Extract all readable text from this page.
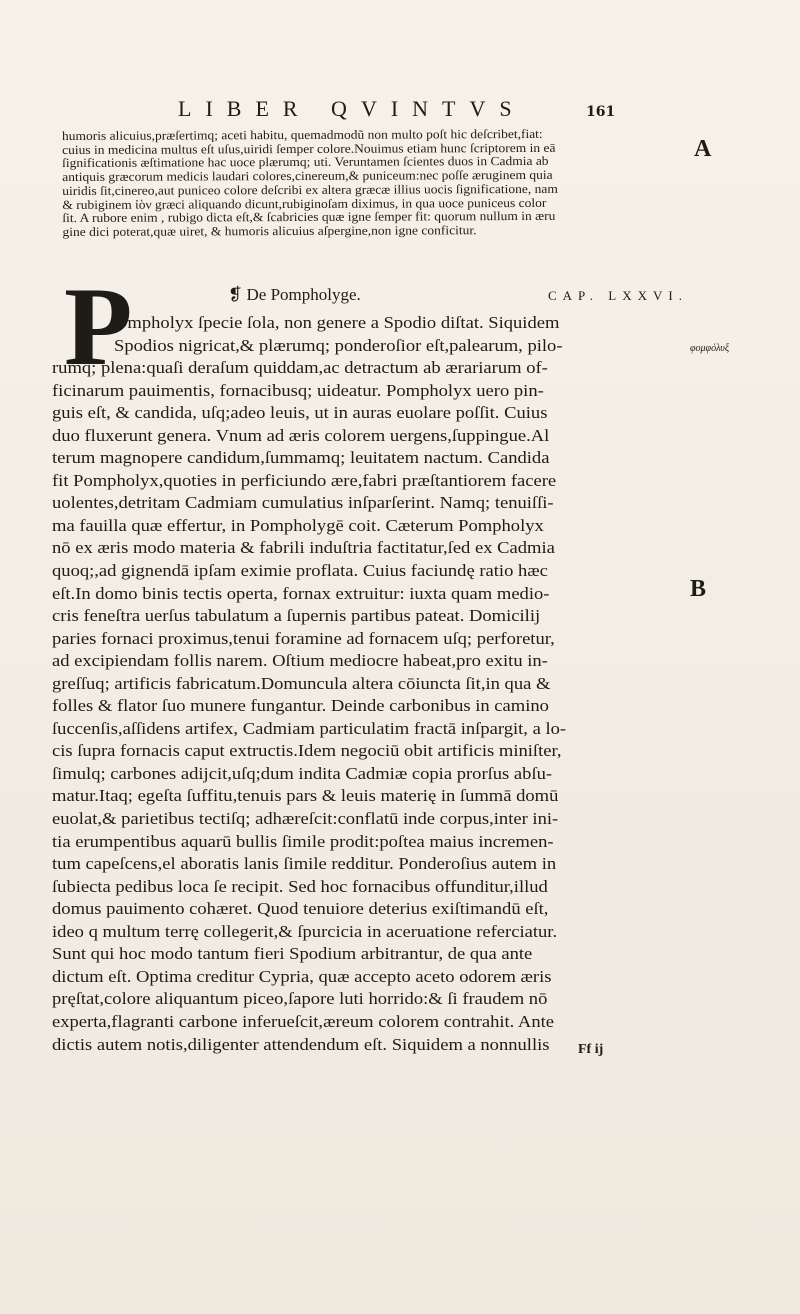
LIBER QVINTVS	161
humoris alicuius,præſertimq; aceti habitu, quemadmodũ non multo poſt hic deſcribet,fiat:
cuius in medicina multus eſt uſus,uiridi ſemper colore.Nouimus etiam hunc ſcriptorem in eā
ſignificationis æſtimatione hac uoce plærumq; uti. Veruntamen ſcientes duos in Cadmia ab
antiquis græcorum medicis laudari colores,cinereum,& puniceum:nec poſſe æruginem quia
uiridis ſit,cinereo,aut puniceo colore deſcribi ex altera græcæ illius uocis ſignificatione, nam
& rubiginem ἰὸν græci aliquando dicunt,rubiginoſam diximus, in qua uoce puniceus color
ſit. A rubore enim , rubigo dicta eſt,& ſcabricies quæ igne ſemper fit: quorum nullum in æru
gine dici poterat,quæ uiret, & humoris alicuius aſpergine,non igne conficitur.
A
φομφόλυξ
B
P	❡ De Pompholyge.	CAP. LXXVI.
Ompholyx ſpecie ſola, non genere a Spodio diſtat. Siquidem
Spodios nigricat,& plærumq; ponderoſior eſt,palearum, pilo-
rumq; plena:quaſi deraſum quiddam,ac detractum ab ærariarum of-
ficinarum pauimentis, fornacibusq; uideatur. Pompholyx uero pin-
guis eſt, & candida, uſq;adeo leuis, ut in auras euolare poſſit. Cuius
duo fluxerunt genera. Vnum ad æris colorem uergens,ſuppingue.Al
terum magnopere candidum,ſummamq; leuitatem nactum. Candida
fit Pompholyx,quoties in perficiundo ære,fabri præſtantiorem facere
uolentes,detritam Cadmiam cumulatius inſparſerint. Namq; tenuiſſi-
ma fauilla quæ effertur, in Pompholygē coit. Cæterum Pompholyx
nō ex æris modo materia & fabrili induſtria factitatur,ſed ex Cadmia
quoq;,ad gignendā ipſam eximie proflata. Cuius faciundę ratio hæc
eſt.In domo binis tectis operta, fornax extruitur: iuxta quam medio-
cris feneſtra uerſus tabulatum a ſupernis partibus pateat. Domicilij
paries fornaci proximus,tenui foramine ad fornacem uſq; perforetur,
ad excipiendam follis narem. Oſtium mediocre habeat,pro exitu in-
greſſuq; artificis fabricatum.Domuncula altera cōiuncta ſit,in qua &
folles & flator ſuo munere fungantur. Deinde carbonibus in camino
ſuccenſis,aſſidens artifex, Cadmiam particulatim fractā inſpargit, a lo-
cis ſupra fornacis caput extructis.Idem negociū obit artificis miniſter,
ſimulq; carbones adijcit,uſq;dum indita Cadmiæ copia prorſus abſu-
matur.Itaq; egeſta ſuffitu,tenuis pars & leuis materię in ſummā domū
euolat,& parietibus tectiſq; adhæreſcit:conflatū inde corpus,inter ini-
tia erumpentibus aquarū bullis ſimile prodit:poſtea maius incremen-
tum capeſcens,el aboratis lanis ſimile redditur. Ponderoſius autem in
ſubiecta pedibus loca ſe recipit. Sed hoc fornacibus offunditur,illud
domus pauimento cohæret. Quod tenuiore deterius exiſtimandū eſt,
ideo q multum terrę collegerit,& ſpurcicia in aceruatione referciatur.
Sunt qui hoc modo tantum fieri Spodium arbitrantur, de qua ante
dictum eſt. Optima creditur Cypria, quæ accepto aceto odorem æris
pręſtat,colore aliquantum piceo,ſapore luti horrido:& ſi fraudem nō
experta,flagranti carbone inferueſcit,æreum colorem contrahit. Ante
dictis autem notis,diligenter attendendum eſt. Siquidem a nonnullis	Ff ij
